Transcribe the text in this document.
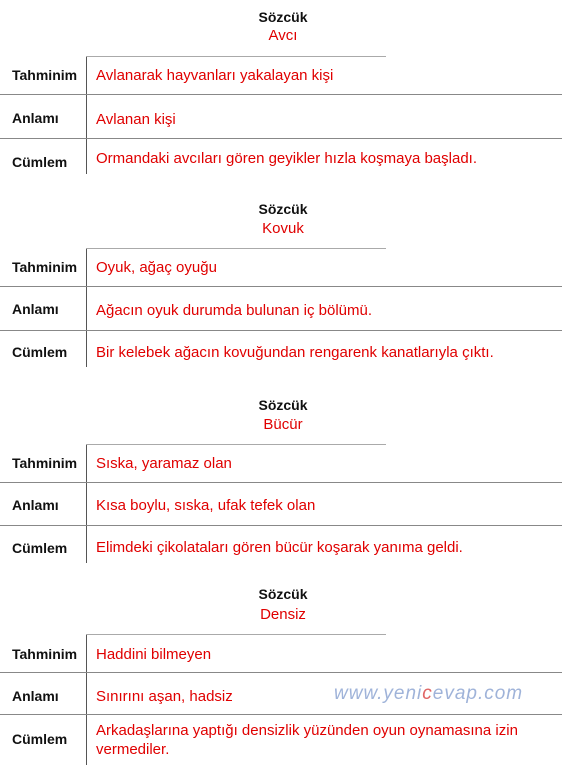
Sözcük
Avcı
Tahminim Avlanarak hayvanları yakalayan kişi
Anlamı Avlanan kişi
Cümlem Ormandaki avcıları gören geyikler hızla koşmaya başladı.
Sözcük
Kovuk
Tahminim Oyuk, ağaç oyuğu
Anlamı Ağacın oyuk durumda bulunan iç bölümü.
Cümlem Bir kelebek ağacın kovuğundan rengarenk kanatlarıyla çıktı.
Sözcük
Bücür
Tahminim Sıska, yaramaz olan
Anlamı Kısa boylu, sıska, ufak tefek olan
Cümlem Elimdeki çikolataları gören bücür koşarak yanıma geldi.
Sözcük
Densiz
Tahminim Haddini bilmeyen
Anlamı Sınırını aşan, hadsiz
Cümlem Arkadaşlarına yaptığı densizlik yüzünden oyun oynamasına izin vermediler.
www.yenicevap.com
